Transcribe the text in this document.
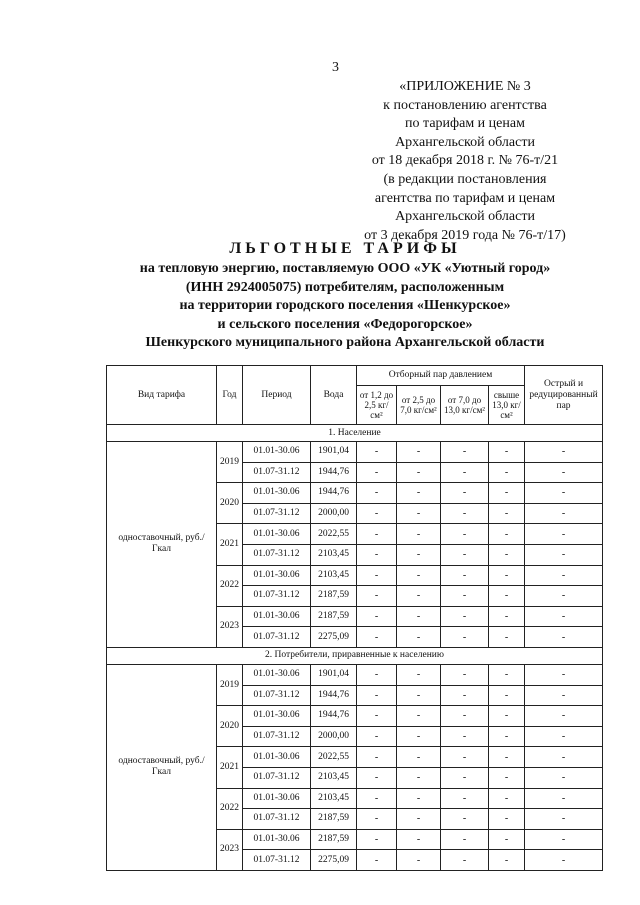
3
«ПРИЛОЖЕНИЕ № 3
к постановлению агентства
по тарифам и ценам
Архангельской области
от 18 декабря 2018 г. № 76-т/21
(в редакции постановления
агентства по тарифам и ценам
Архангельской области
от 3 декабря 2019 года № 76-т/17)
ЛЬГОТНЫЕ ТАРИФЫ
на тепловую энергию, поставляемую ООО «УК «Уютный город»
(ИНН 2924005075) потребителям, расположенным
на территории городского поселения «Шенкурское»
и сельского поселения «Федорогорское»
Шенкурского муниципального района Архангельской области
Вид тарифа	Год	Период	Вода	Отборный пар давлением				Острый и редуцированный пар
				от 1,2 до 2,5 кг/см²	от 2,5 до 7,0 кг/см²	от 7,0 до 13,0 кг/см²	свыше 13,0 кг/см²	
1. Население								
одноставочный, руб./Гкал	2019	01.01-30.06	1901,04	-	-	-	-	-
		01.07-31.12	1944,76	-	-	-	-	-
	2020	01.01-30.06	1944,76	-	-	-	-	-
		01.07-31.12	2000,00	-	-	-	-	-
	2021	01.01-30.06	2022,55	-	-	-	-	-
		01.07-31.12	2103,45	-	-	-	-	-
	2022	01.01-30.06	2103,45	-	-	-	-	-
		01.07-31.12	2187,59	-	-	-	-	-
	2023	01.01-30.06	2187,59	-	-	-	-	-
		01.07-31.12	2275,09	-	-	-	-	-
2. Потребители, приравненные к населению								
одноставочный, руб./Гкал	2019	01.01-30.06	1901,04	-	-	-	-	-
		01.07-31.12	1944,76	-	-	-	-	-
	2020	01.01-30.06	1944,76	-	-	-	-	-
		01.07-31.12	2000,00	-	-	-	-	-
	2021	01.01-30.06	2022,55	-	-	-	-	-
		01.07-31.12	2103,45	-	-	-	-	-
	2022	01.01-30.06	2103,45	-	-	-	-	-
		01.07-31.12	2187,59	-	-	-	-	-
	2023	01.01-30.06	2187,59	-	-	-	-	-
		01.07-31.12	2275,09	-	-	-	-	-
